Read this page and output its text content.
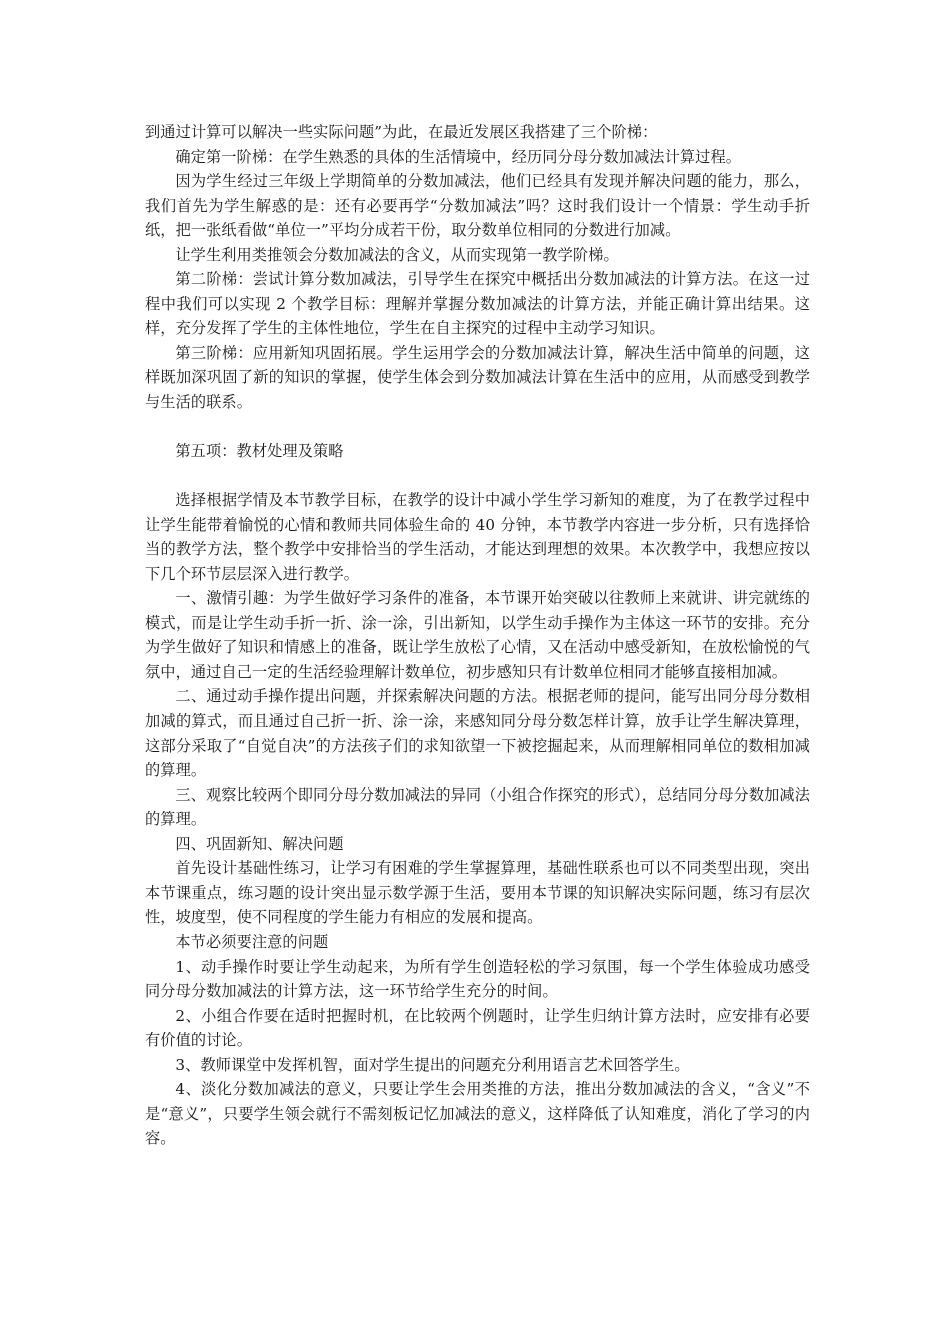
到通过计算可以解决一些实际问题”为此，在最近发展区我搭建了三个阶梯：

确定第一阶梯：在学生熟悉的具体的生活情境中，经历同分母分数加减法计算过程。

因为学生经过三年级上学期简单的分数加减法，他们已经具有发现并解决问题的能力，那么，我们首先为学生解惑的是：还有必要再学“分数加减法”吗？这时我们设计一个情景：学生动手折纸，把一张纸看做“单位一”平均分成若干份，取分数单位相同的分数进行加减。

让学生利用类推领会分数加减法的含义，从而实现第一教学阶梯。

第二阶梯：尝试计算分数加减法，引导学生在探究中概括出分数加减法的计算方法。在这一过程中我们可以实现 2 个教学目标：理解并掌握分数加减法的计算方法，并能正确计算出结果。这样，充分发挥了学生的主体性地位，学生在自主探究的过程中主动学习知识。

第三阶梯：应用新知巩固拓展。学生运用学会的分数加减法计算，解决生活中简单的问题，这样既加深巩固了新的知识的掌握，使学生体会到分数加减法计算在生活中的应用，从而感受到教学与生活的联系。

第五项：教材处理及策略

选择根据学情及本节教学目标，在教学的设计中减小学生学习新知的难度，为了在教学过程中让学生能带着愉悦的心情和教师共同体验生命的 40 分钟，本节教学内容进一步分析，只有选择恰当的教学方法，整个教学中安排恰当的学生活动，才能达到理想的效果。本次教学中，我想应按以下几个环节层层深入进行教学。

一、激情引趣：为学生做好学习条件的准备，本节课开始突破以往教师上来就讲、讲完就练的模式，而是让学生动手折一折、涂一涂，引出新知，以学生动手操作为主体这一环节的安排。充分为学生做好了知识和情感上的准备，既让学生放松了心情，又在活动中感受新知，在放松愉悦的气氛中，通过自己一定的生活经验理解计数单位，初步感知只有计数单位相同才能够直接相加减。

二、通过动手操作提出问题，并探索解决问题的方法。根据老师的提问，能写出同分母分数相加减的算式，而且通过自己折一折、涂一涂，来感知同分母分数怎样计算，放手让学生解决算理，这部分采取了“自觉自决”的方法孩子们的求知欲望一下被挖掘起来，从而理解相同单位的数相加减的算理。

三、观察比较两个即同分母分数加减法的异同（小组合作探究的形式），总结同分母分数加减法的算理。

四、巩固新知、解决问题

首先设计基础性练习，让学习有困难的学生掌握算理，基础性联系也可以不同类型出现，突出本节课重点，练习题的设计突出显示数学源于生活，要用本节课的知识解决实际问题，练习有层次性，坡度型，使不同程度的学生能力有相应的发展和提高。

本节必须要注意的问题

1、动手操作时要让学生动起来，为所有学生创造轻松的学习氛围，每一个学生体验成功感受同分母分数加减法的计算方法，这一环节给学生充分的时间。

2、小组合作要在适时把握时机，在比较两个例题时，让学生归纳计算方法时，应安排有必要有价值的讨论。

3、教师课堂中发挥机智，面对学生提出的问题充分利用语言艺术回答学生。

4、淡化分数加减法的意义，只要让学生会用类推的方法，推出分数加减法的含义，“含义”不是“意义”，只要学生领会就行不需刻板记忆加减法的意义，这样降低了认知难度，消化了学习的内容。
